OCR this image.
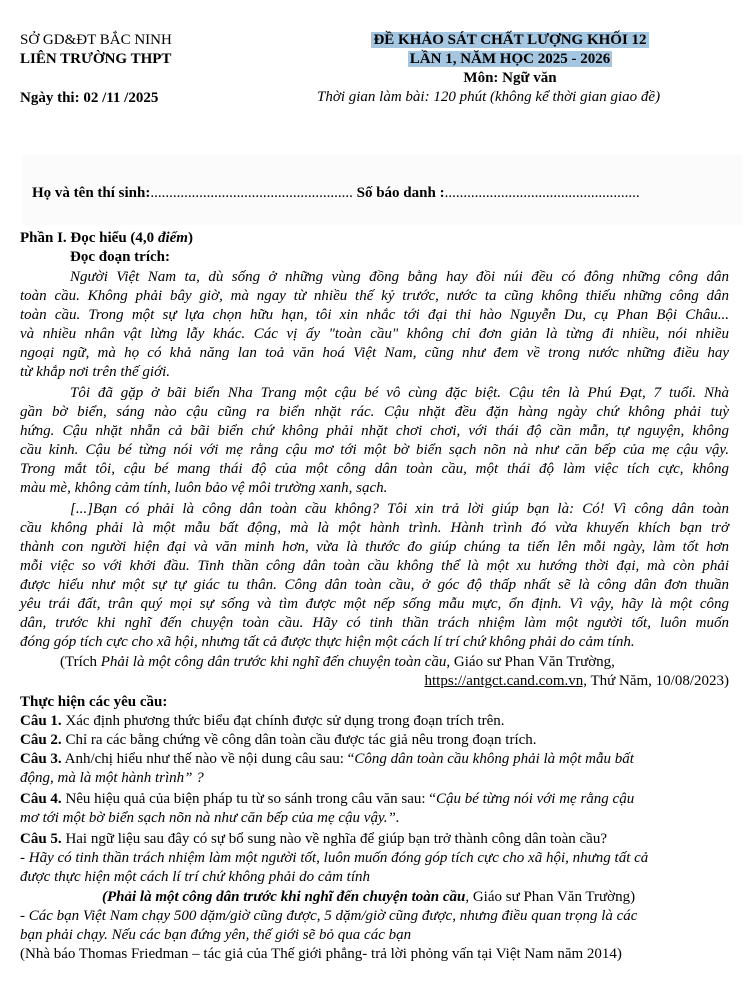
SỞ GD&ĐT BẮC NINH
LIÊN TRƯỜNG THPT
Ngày thi: 02 /11 /2025
ĐỀ KHẢO SÁT CHẤT LƯỢNG KHỐI 12
LẦN 1, NĂM HỌC 2025 - 2026
Môn: Ngữ văn
Thời gian làm bài: 120 phút (không kể thời gian giao đề)
Họ và tên thí sinh:...................................................... Số báo danh :....................................................
Phần I. Đọc hiểu (4,0 điểm)
Đọc đoạn trích:
Người Việt Nam ta, dù sống ở những vùng đồng bằng hay đồi núi đều có đông những công dân
toàn cầu. Không phải bây giờ, mà ngay từ nhiều thế kỷ trước, nước ta cũng không thiếu những công dân
toàn cầu. Trong một sự lựa chọn hữu hạn, tôi xin nhắc tới đại thi hào Nguyễn Du, cụ Phan Bội Châu...
và nhiều nhân vật lừng lẫy khác. Các vị ấy "toàn cầu" không chỉ đơn giản là từng đi nhiều, nói nhiều
ngoại ngữ, mà họ có khả năng lan toả văn hoá Việt Nam, cũng như đem về trong nước những điều hay
từ khắp nơi trên thế giới.
Tôi đã gặp ở bãi biển Nha Trang một cậu bé vô cùng đặc biệt. Cậu tên là Phú Đạt, 7 tuổi. Nhà
gần bờ biển, sáng nào cậu cũng ra biển nhặt rác. Cậu nhặt đều đặn hàng ngày chứ không phải tuỳ
hứng. Cậu nhặt nhẵn cả bãi biển chứ không phải nhặt chơi chơi, với thái độ cần mẫn, tự nguyện, không
cầu kỉnh. Cậu bé từng nói với mẹ rằng cậu mơ tới một bờ biển sạch nõn nà như căn bếp của mẹ cậu vậy.
Trong mắt tôi, cậu bé mang thái độ của một công dân toàn cầu, một thái độ làm việc tích cực, không
màu mè, không cảm tính, luôn bảo vệ môi trường xanh, sạch.
[...]Bạn có phải là công dân toàn cầu không? Tôi xin trả lời giúp bạn là: Có! Vì công dân toàn
cầu không phải là một mẫu bất động, mà là một hành trình. Hành trình đó vừa khuyến khích bạn trở
thành con người hiện đại và văn minh hơn, vừa là thước đo giúp chúng ta tiến lên mỗi ngày, làm tốt hơn
mỗi việc so với khởi đầu. Tinh thần công dân toàn cầu không thể là một xu hướng thời đại, mà còn phải
được hiểu như một sự tự giác tu thân. Công dân toàn cầu, ở góc độ thấp nhất sẽ là công dân đơn thuần
yêu trái đất, trân quý mọi sự sống và tìm được một nếp sống mẫu mực, ổn định. Vì vậy, hãy là một công
dân, trước khi nghĩ đến chuyện toàn cầu. Hãy có tinh thần trách nhiệm làm một người tốt, luôn muốn
đóng góp tích cực cho xã hội, nhưng tất cả được thực hiện một cách lí trí chứ không phải do cảm tính.
(Trích Phải là một công dân trước khi nghĩ đến chuyện toàn cầu, Giáo sư Phan Văn Trường,
https://antgct.cand.com.vn, Thứ Năm, 10/08/2023)
Thực hiện các yêu cầu:
Câu 1. Xác định phương thức biểu đạt chính được sử dụng trong đoạn trích trên.
Câu 2. Chỉ ra các bằng chứng về công dân toàn cầu được tác giả nêu trong đoạn trích.
Câu 3. Anh/chị hiểu như thế nào về nội dung câu sau: “Công dân toàn cầu không phải là một mẫu bất
động, mà là một hành trình” ?
Câu 4. Nêu hiệu quả của biện pháp tu từ so sánh trong câu văn sau: “Cậu bé từng nói với mẹ rằng cậu
mơ tới một bờ biển sạch nõn nà như căn bếp của mẹ cậu vậy.”.
Câu 5. Hai ngữ liệu sau đây có sự bổ sung nào về nghĩa để giúp bạn trở thành công dân toàn cầu?
- Hãy có tinh thần trách nhiệm làm một người tốt, luôn muốn đóng góp tích cực cho xã hội, nhưng tất cả
được thực hiện một cách lí trí chứ không phải do cảm tính
(Phải là một công dân trước khi nghĩ đến chuyện toàn cầu, Giáo sư Phan Văn Trường)
- Các bạn Việt Nam chạy 500 dặm/giờ cũng được, 5 dặm/giờ cũng được, nhưng điều quan trọng là các
bạn phải chạy. Nếu các bạn đứng yên, thế giới sẽ bỏ qua các bạn
(Nhà báo Thomas Friedman – tác giả của Thế giới phẳng- trả lời phỏng vấn tại Việt Nam năm 2014)
